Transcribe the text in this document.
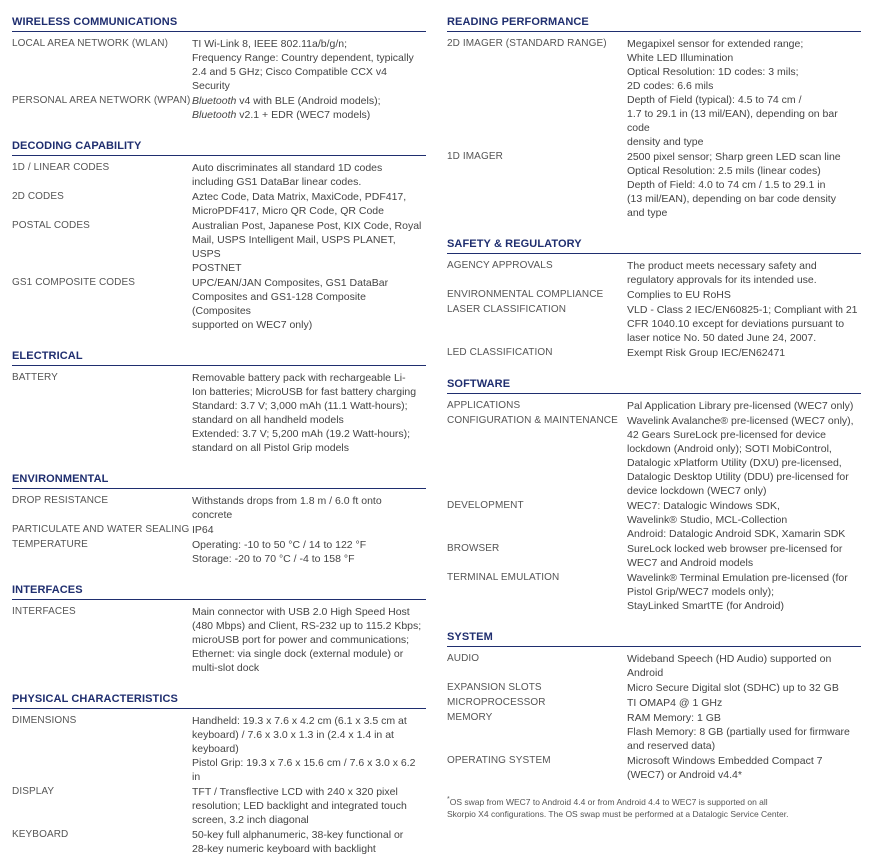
WIRELESS COMMUNICATIONS
LOCAL AREA NETWORK (WLAN)	TI Wi-Link 8, IEEE 802.11a/b/g/n;
Frequency Range: Country dependent, typically
2.4 and 5 GHz; Cisco Compatible CCX v4 Security
PERSONAL AREA NETWORK (WPAN) Bluetooth v4 with BLE (Android models);
Bluetooth v2.1 + EDR (WEC7 models)
DECODING CAPABILITY
1D / LINEAR CODES	Auto discriminates all standard 1D codes
including GS1 DataBar linear codes.
2D CODES	Aztec Code, Data Matrix, MaxiCode, PDF417,
MicroPDF417, Micro QR Code, QR Code
POSTAL CODES	Australian Post, Japanese Post, KIX Code, Royal
Mail, USPS Intelligent Mail, USPS PLANET, USPS
POSTNET
GS1 COMPOSITE CODES	UPC/EAN/JAN Composites, GS1 DataBar
Composites and GS1-128 Composite (Composites
supported on WEC7 only)
ELECTRICAL
BATTERY	Removable battery pack with rechargeable Li-
Ion batteries; MicroUSB for fast battery charging
Standard: 3.7 V; 3,000 mAh (11.1 Watt-hours);
standard on all handheld models
Extended: 3.7 V; 5,200 mAh (19.2 Watt-hours);
standard on all Pistol Grip models
ENVIRONMENTAL
DROP RESISTANCE	Withstands drops from 1.8 m / 6.0 ft onto
concrete
PARTICULATE AND WATER SEALING IP64
TEMPERATURE	Operating: -10 to 50 °C / 14 to 122 °F
Storage: -20 to 70 °C / -4 to 158 °F
INTERFACES
INTERFACES	Main connector with USB 2.0 High Speed Host
(480 Mbps) and Client, RS-232 up to 115.2 Kbps;
microUSB port for power and communications;
Ethernet: via single dock (external module) or
multi-slot dock
PHYSICAL CHARACTERISTICS
DIMENSIONS	Handheld: 19.3 x 7.6 x 4.2 cm (6.1 x 3.5 cm at
keyboard) / 7.6 x 3.0 x 1.3 in (2.4 x 1.4 in at
keyboard)
Pistol Grip: 19.3 x 7.6 x 15.6 cm / 7.6 x 3.0 x 6.2 in
DISPLAY	TFT / Transflective LCD with 240 x 320 pixel
resolution; LED backlight and integrated touch
screen, 3.2 inch diagonal
KEYBOARD	50-key full alphanumeric, 38-key functional or
28-key numeric keyboard with backlight
READING PERFORMANCE
2D IMAGER (STANDARD RANGE)	Megapixel sensor for extended range;
White LED Illumination
Optical Resolution: 1D codes: 3 mils;
2D codes: 6.6 mils
Depth of Field (typical): 4.5 to 74 cm /
1.7 to 29.1 in (13 mil/EAN), depending on bar code
density and type
1D IMAGER	2500 pixel sensor; Sharp green LED scan line
Optical Resolution: 2.5 mils (linear codes)
Depth of Field: 4.0 to 74 cm / 1.5 to 29.1 in
(13 mil/EAN), depending on bar code density
and type
SAFETY & REGULATORY
AGENCY APPROVALS	The product meets necessary safety and
regulatory approvals for its intended use.
ENVIRONMENTAL COMPLIANCE	Complies to EU RoHS
LASER CLASSIFICATION	VLD - Class 2 IEC/EN60825-1; Compliant with 21
CFR 1040.10 except for deviations pursuant to
laser notice No. 50 dated June 24, 2007.
LED CLASSIFICATION	Exempt Risk Group IEC/EN62471
SOFTWARE
APPLICATIONS	Pal Application Library pre-licensed (WEC7 only)
CONFIGURATION & MAINTENANCE Wavelink Avalanche® pre-licensed (WEC7 only),
42 Gears SureLock pre-licensed for device
lockdown (Android only); SOTI MobiControl,
Datalogic xPlatform Utility (DXU) pre-licensed,
Datalogic Desktop Utility (DDU) pre-licensed for
device lockdown (WEC7 only)
DEVELOPMENT	WEC7: Datalogic Windows SDK,
Wavelink® Studio, MCL-Collection
Android: Datalogic Android SDK, Xamarin SDK
BROWSER	SureLock locked web browser pre-licensed for
WEC7 and Android models
TERMINAL EMULATION	Wavelink® Terminal Emulation pre-licensed (for
Pistol Grip/WEC7 models only);
StayLinked SmartTE (for Android)
SYSTEM
AUDIO	Wideband Speech (HD Audio) supported on
Android
EXPANSION SLOTS	Micro Secure Digital slot (SDHC) up to 32 GB
MICROPROCESSOR	TI OMAP4 @ 1 GHz
MEMORY	RAM Memory: 1 GB
Flash Memory: 8 GB (partially used for firmware
and reserved data)
OPERATING SYSTEM	Microsoft Windows Embedded Compact 7
(WEC7) or Android v4.4*
*OS swap from WEC7 to Android 4.4 or from Android 4.4 to WEC7 is supported on all
Skorpio X4 configurations. The OS swap must be performed at a Datalogic Service Center.
